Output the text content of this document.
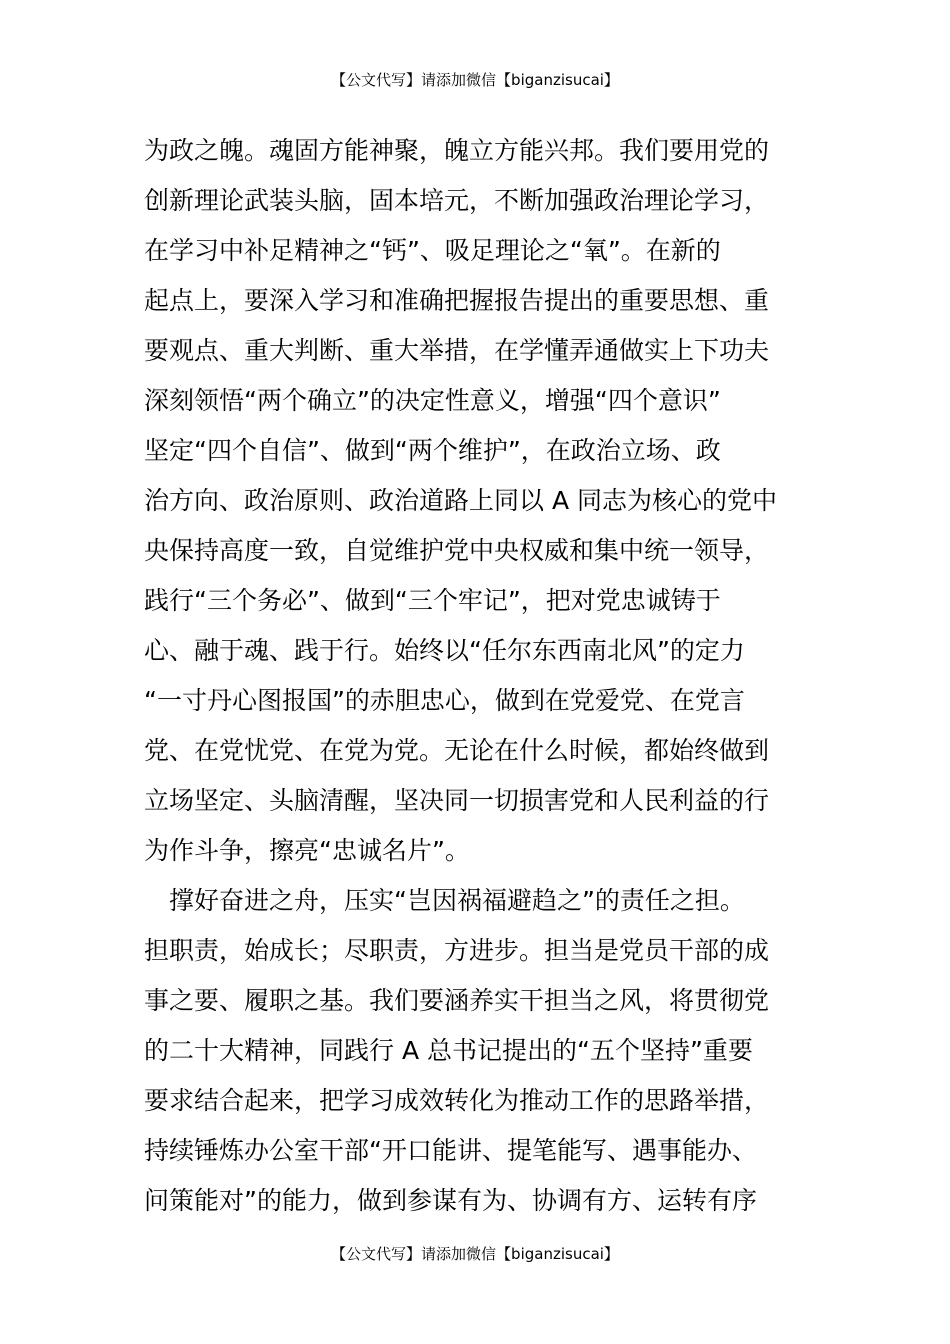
【公文代写】请添加微信【biganzisucai】
为政之魄。魂固方能神聚，魄立方能兴邦。我们要用党的
创新理论武装头脑，固本培元，不断加强政治理论学习，
在学习中补足精神之“钙”、吸足理论之“氧”。在新的
起点上，要深入学习和准确把握报告提出的重要思想、重
要观点、重大判断、重大举措，在学懂弄通做实上下功夫
深刻领悟“两个确立”的决定性意义，增强“四个意识”
坚定“四个自信”、做到“两个维护”，在政治立场、政
治方向、政治原则、政治道路上同以 A 同志为核心的党中
央保持高度一致，自觉维护党中央权威和集中统一领导，
践行“三个务必”、做到“三个牢记”，把对党忠诚铸于
心、融于魂、践于行。始终以“任尔东西南北风”的定力
“一寸丹心图报国”的赤胆忠心，做到在党爱党、在党言
党、在党忧党、在党为党。无论在什么时候，都始终做到
立场坚定、头脑清醒，坚决同一切损害党和人民利益的行
为作斗争，擦亮“忠诚名片”。
　撑好奋进之舟，压实“岂因祸福避趋之”的责任之担。
担职责，始成长；尽职责，方进步。担当是党员干部的成
事之要、履职之基。我们要涵养实干担当之风，将贯彻党
的二十大精神，同践行 A 总书记提出的“五个坚持”重要
要求结合起来，把学习成效转化为推动工作的思路举措，
持续锤炼办公室干部“开口能讲、提笔能写、遇事能办、
问策能对”的能力，做到参谋有为、协调有方、运转有序
【公文代写】请添加微信【biganzisucai】
